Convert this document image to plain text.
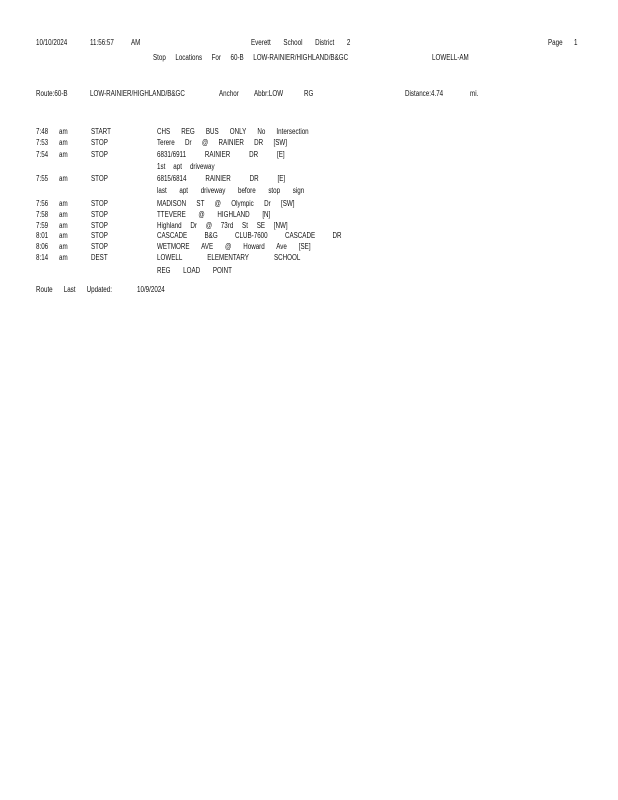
10/10/2024	11:56:57 AM	Everett School District 2	Page 1
Stop Locations For 60-B LOW-RAINIER/HIGHLAND/B&GC	LOWELL-AM
Route:60-B	LOW-RAINIER/HIGHLAND/B&GC	Anchor Abbr:LOW	RG	Distance:4.74	mi.
7:48 am	START	CHS REG BUS ONLY No Intersection
7:53 am	STOP	Terere Dr @ RAINIER DR [SW]
7:54 am	STOP	6831/6911 RAINIER DR [E]
1st apt driveway
7:55 am	STOP	6815/6814 RAINIER DR [E]
last apt driveway before stop sign
7:56 am	STOP	MADISON ST @ Olympic Dr [SW]
7:58 am	STOP	TTEVERE @ HIGHLAND [N]
7:59 am	STOP	Highland Dr @ 73rd St SE [NW]
8:01 am	STOP	CASCADE B&G CLUB-7600 CASCADE DR
8:06 am	STOP	WETMORE AVE @ Howard Ave [SE]
8:14 am	DEST	LOWELL ELEMENTARY SCHOOL
REG LOAD POINT
Route Last Updated:	10/9/2024
